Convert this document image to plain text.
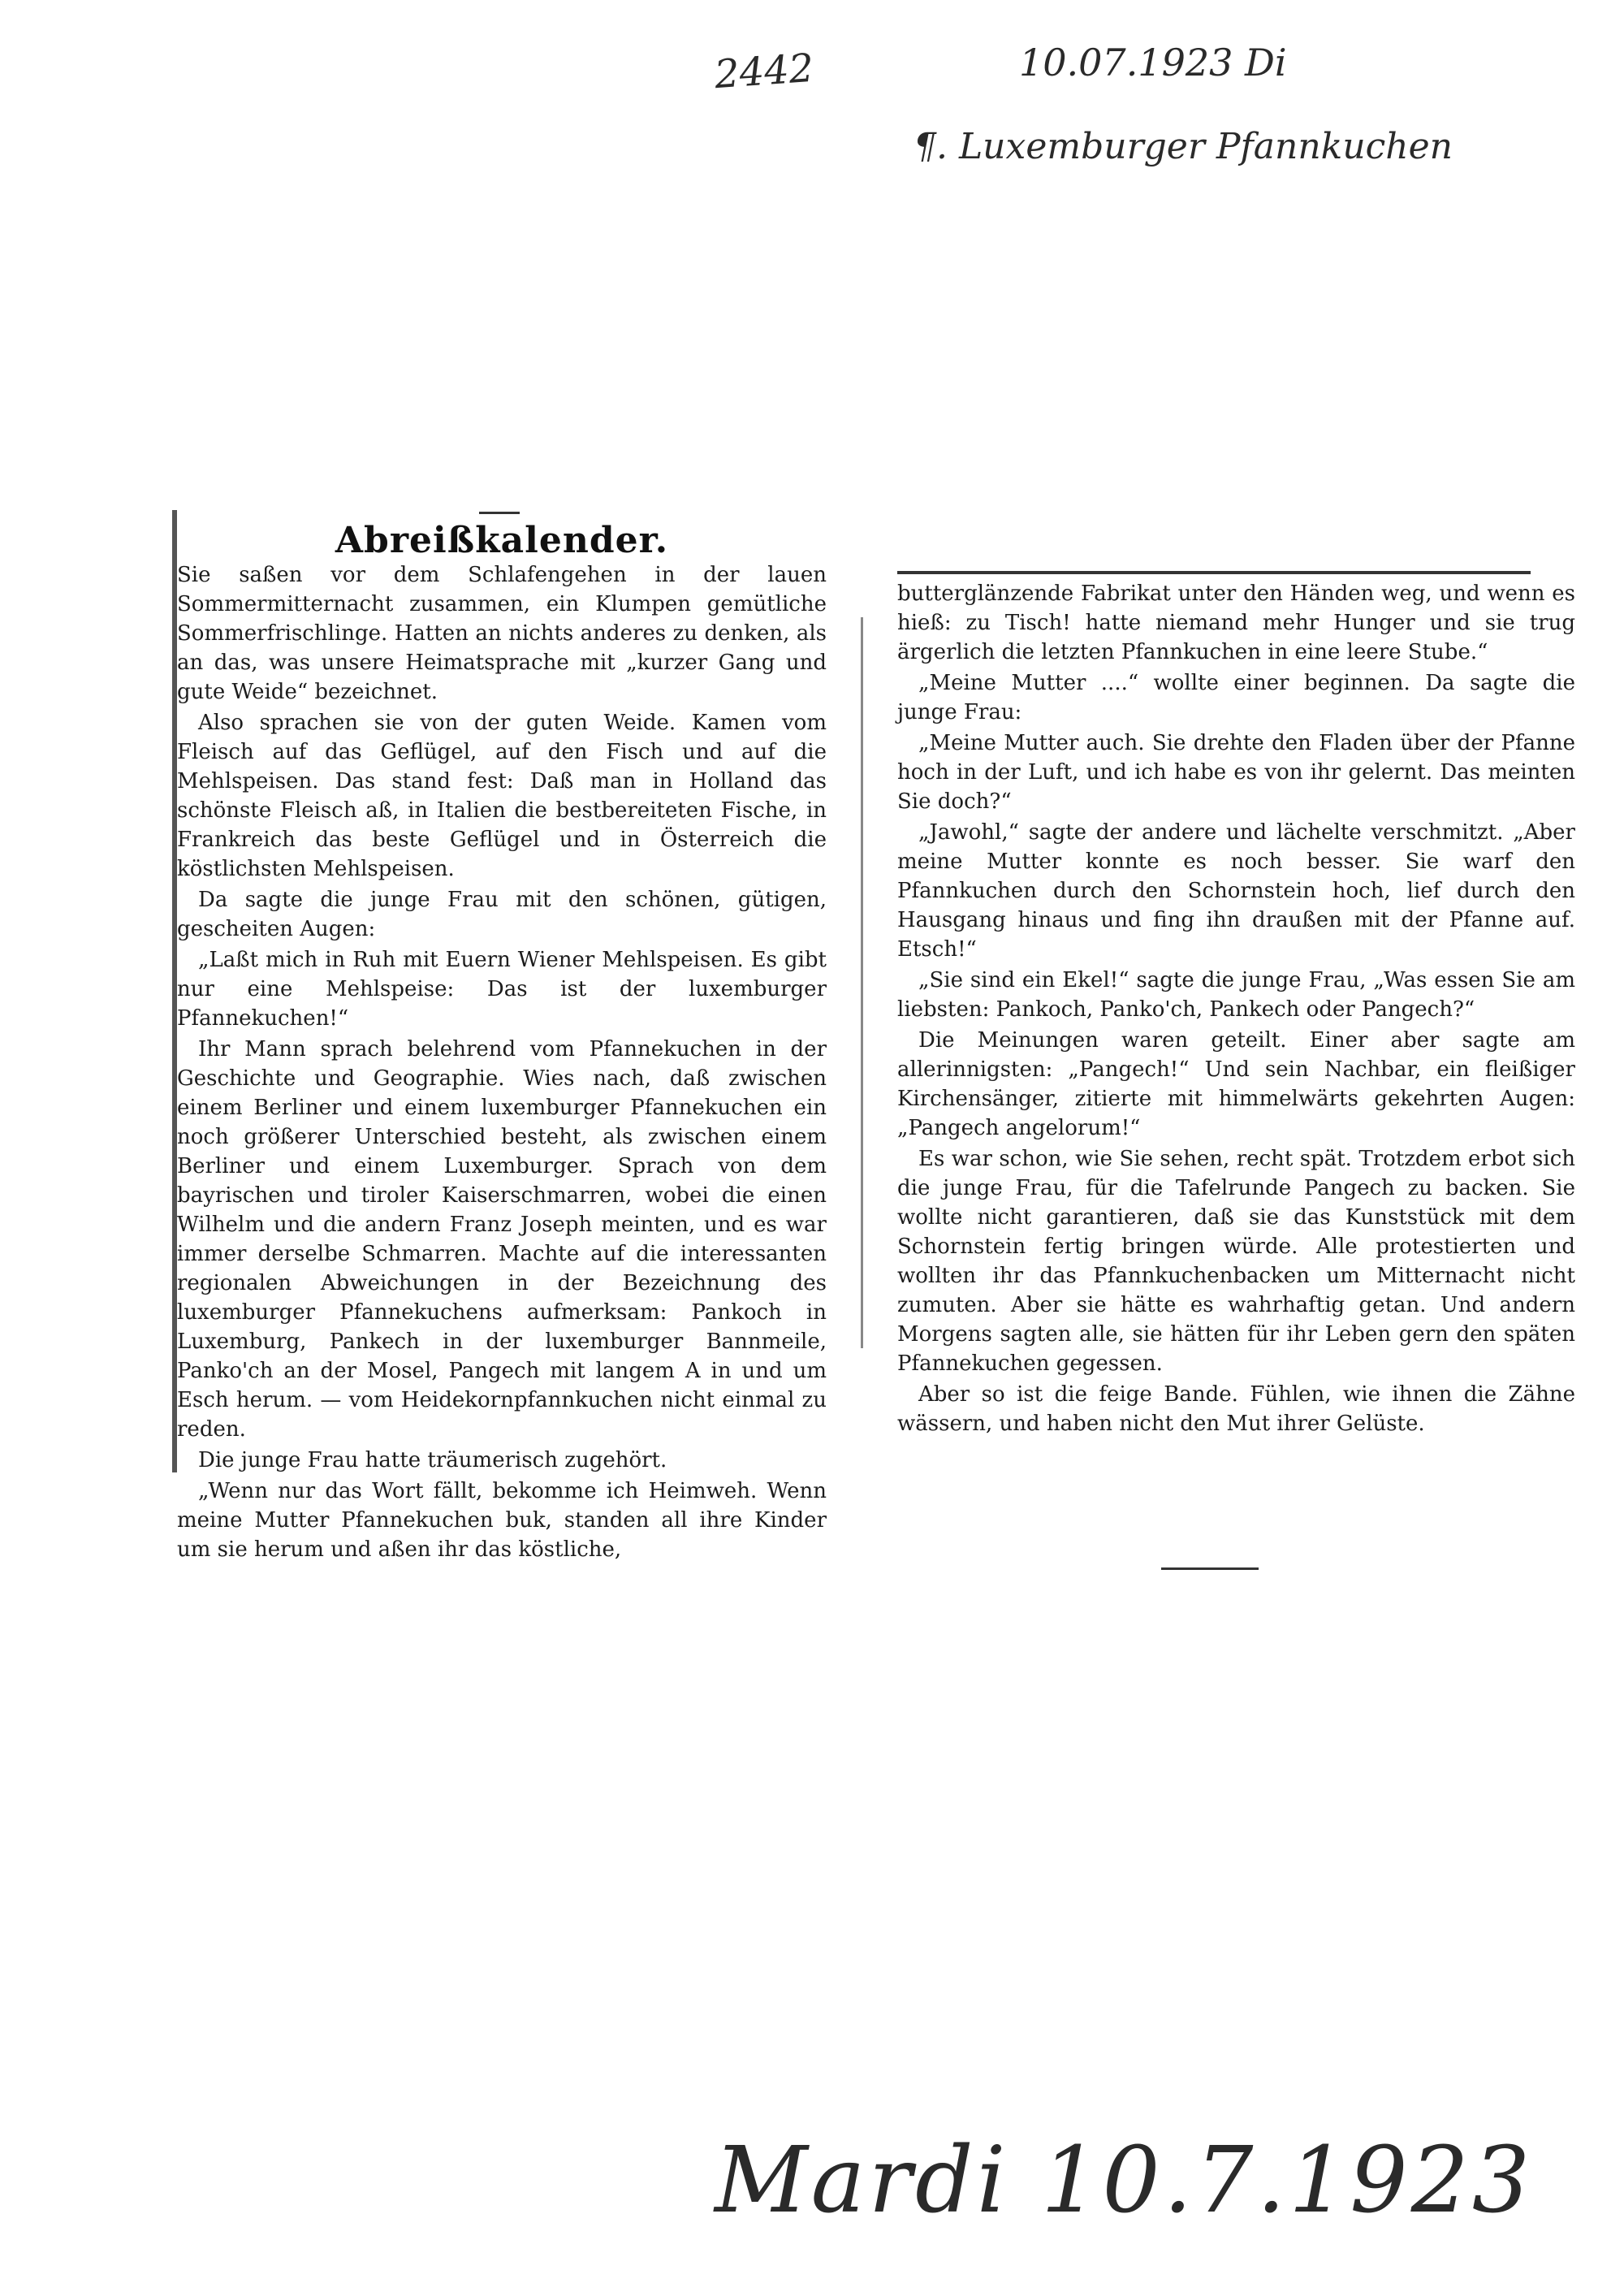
2442	10.07.1923 Di
¶. Luxemburger Pfannkuchen
Abreißkalender.

Sie saßen vor dem Schlafengehen in der lauen Sommermitternacht zusammen, ein Klumpen gemütliche Sommerfrischlinge. Hatten an nichts anderes zu denken, als an das, was unsere Heimatsprache mit „kurzer Gang und gute Weide“ bezeichnet.

Also sprachen sie von der guten Weide. Kamen vom Fleisch auf das Geflügel, auf den Fisch und auf die Mehlspeisen. Das stand fest: Daß man in Holland das schönste Fleisch aß, in Italien die bestbereiteten Fische, in Frankreich das beste Geflügel und in Österreich die köstlichsten Mehlspeisen.

Da sagte die junge Frau mit den schönen, gütigen, gescheiten Augen:

„Laßt mich in Ruh mit Euern Wiener Mehlspeisen. Es gibt nur eine Mehlspeise: Das ist der luxemburger Pfannekuchen!“

Ihr Mann sprach belehrend vom Pfannekuchen in der Geschichte und Geographie. Wies nach, daß zwischen einem Berliner und einem luxemburger Pfannekuchen ein noch größerer Unterschied besteht, als zwischen einem Berliner und einem Luxemburger. Sprach von dem bayrischen und tiroler Kaiserschmarren, wobei die einen Wilhelm und die andern Franz Joseph meinten, und es war immer derselbe Schmarren. Machte auf die interessanten regionalen Abweichungen in der Bezeichnung des luxemburger Pfannekuchens aufmerksam: Pankoch in Luxemburg, Pankech in der luxemburger Bannmeile, Panko'ch an der Mosel, Pangech mit langem A in und um Esch herum. — vom Heidekornpfannkuchen nicht einmal zu reden.

Die junge Frau hatte träumerisch zugehört.

„Wenn nur das Wort fällt, bekomme ich Heimweh. Wenn meine Mutter Pfannekuchen buk, standen all ihre Kinder um sie herum und aßen ihr das köstliche,

butterglänzende Fabrikat unter den Händen weg, und wenn es hieß: zu Tisch! hatte niemand mehr Hunger und sie trug ärgerlich die letzten Pfannkuchen in eine leere Stube.“

„Meine Mutter ....“ wollte einer beginnen. Da sagte die junge Frau:

„Meine Mutter auch. Sie drehte den Fladen über der Pfanne hoch in der Luft, und ich habe es von ihr gelernt. Das meinten Sie doch?“

„Jawohl,“ sagte der andere und lächelte verschmitzt. „Aber meine Mutter konnte es noch besser. Sie warf den Pfannkuchen durch den Schornstein hoch, lief durch den Hausgang hinaus und fing ihn draußen mit der Pfanne auf. Etsch!“

„Sie sind ein Ekel!“ sagte die junge Frau, „Was essen Sie am liebsten: Pankoch, Panko'ch, Pankech oder Pangech?“

Die Meinungen waren geteilt. Einer aber sagte am allerinnigsten: „Pangech!“ Und sein Nachbar, ein fleißiger Kirchensänger, zitierte mit himmelwärts gekehrten Augen: „Pangech angelorum!“

Es war schon, wie Sie sehen, recht spät. Trotzdem erbot sich die junge Frau, für die Tafelrunde Pangech zu backen. Sie wollte nicht garantieren, daß sie das Kunststück mit dem Schornstein fertig bringen würde. Alle protestierten und wollten ihr das Pfannkuchenbacken um Mitternacht nicht zumuten. Aber sie hätte es wahrhaftig getan. Und andern Morgens sagten alle, sie hätten für ihr Leben gern den späten Pfannekuchen gegessen.

Aber so ist die feige Bande. Fühlen, wie ihnen die Zähne wässern, und haben nicht den Mut ihrer Gelüste.

Mardi 10.7.1923
